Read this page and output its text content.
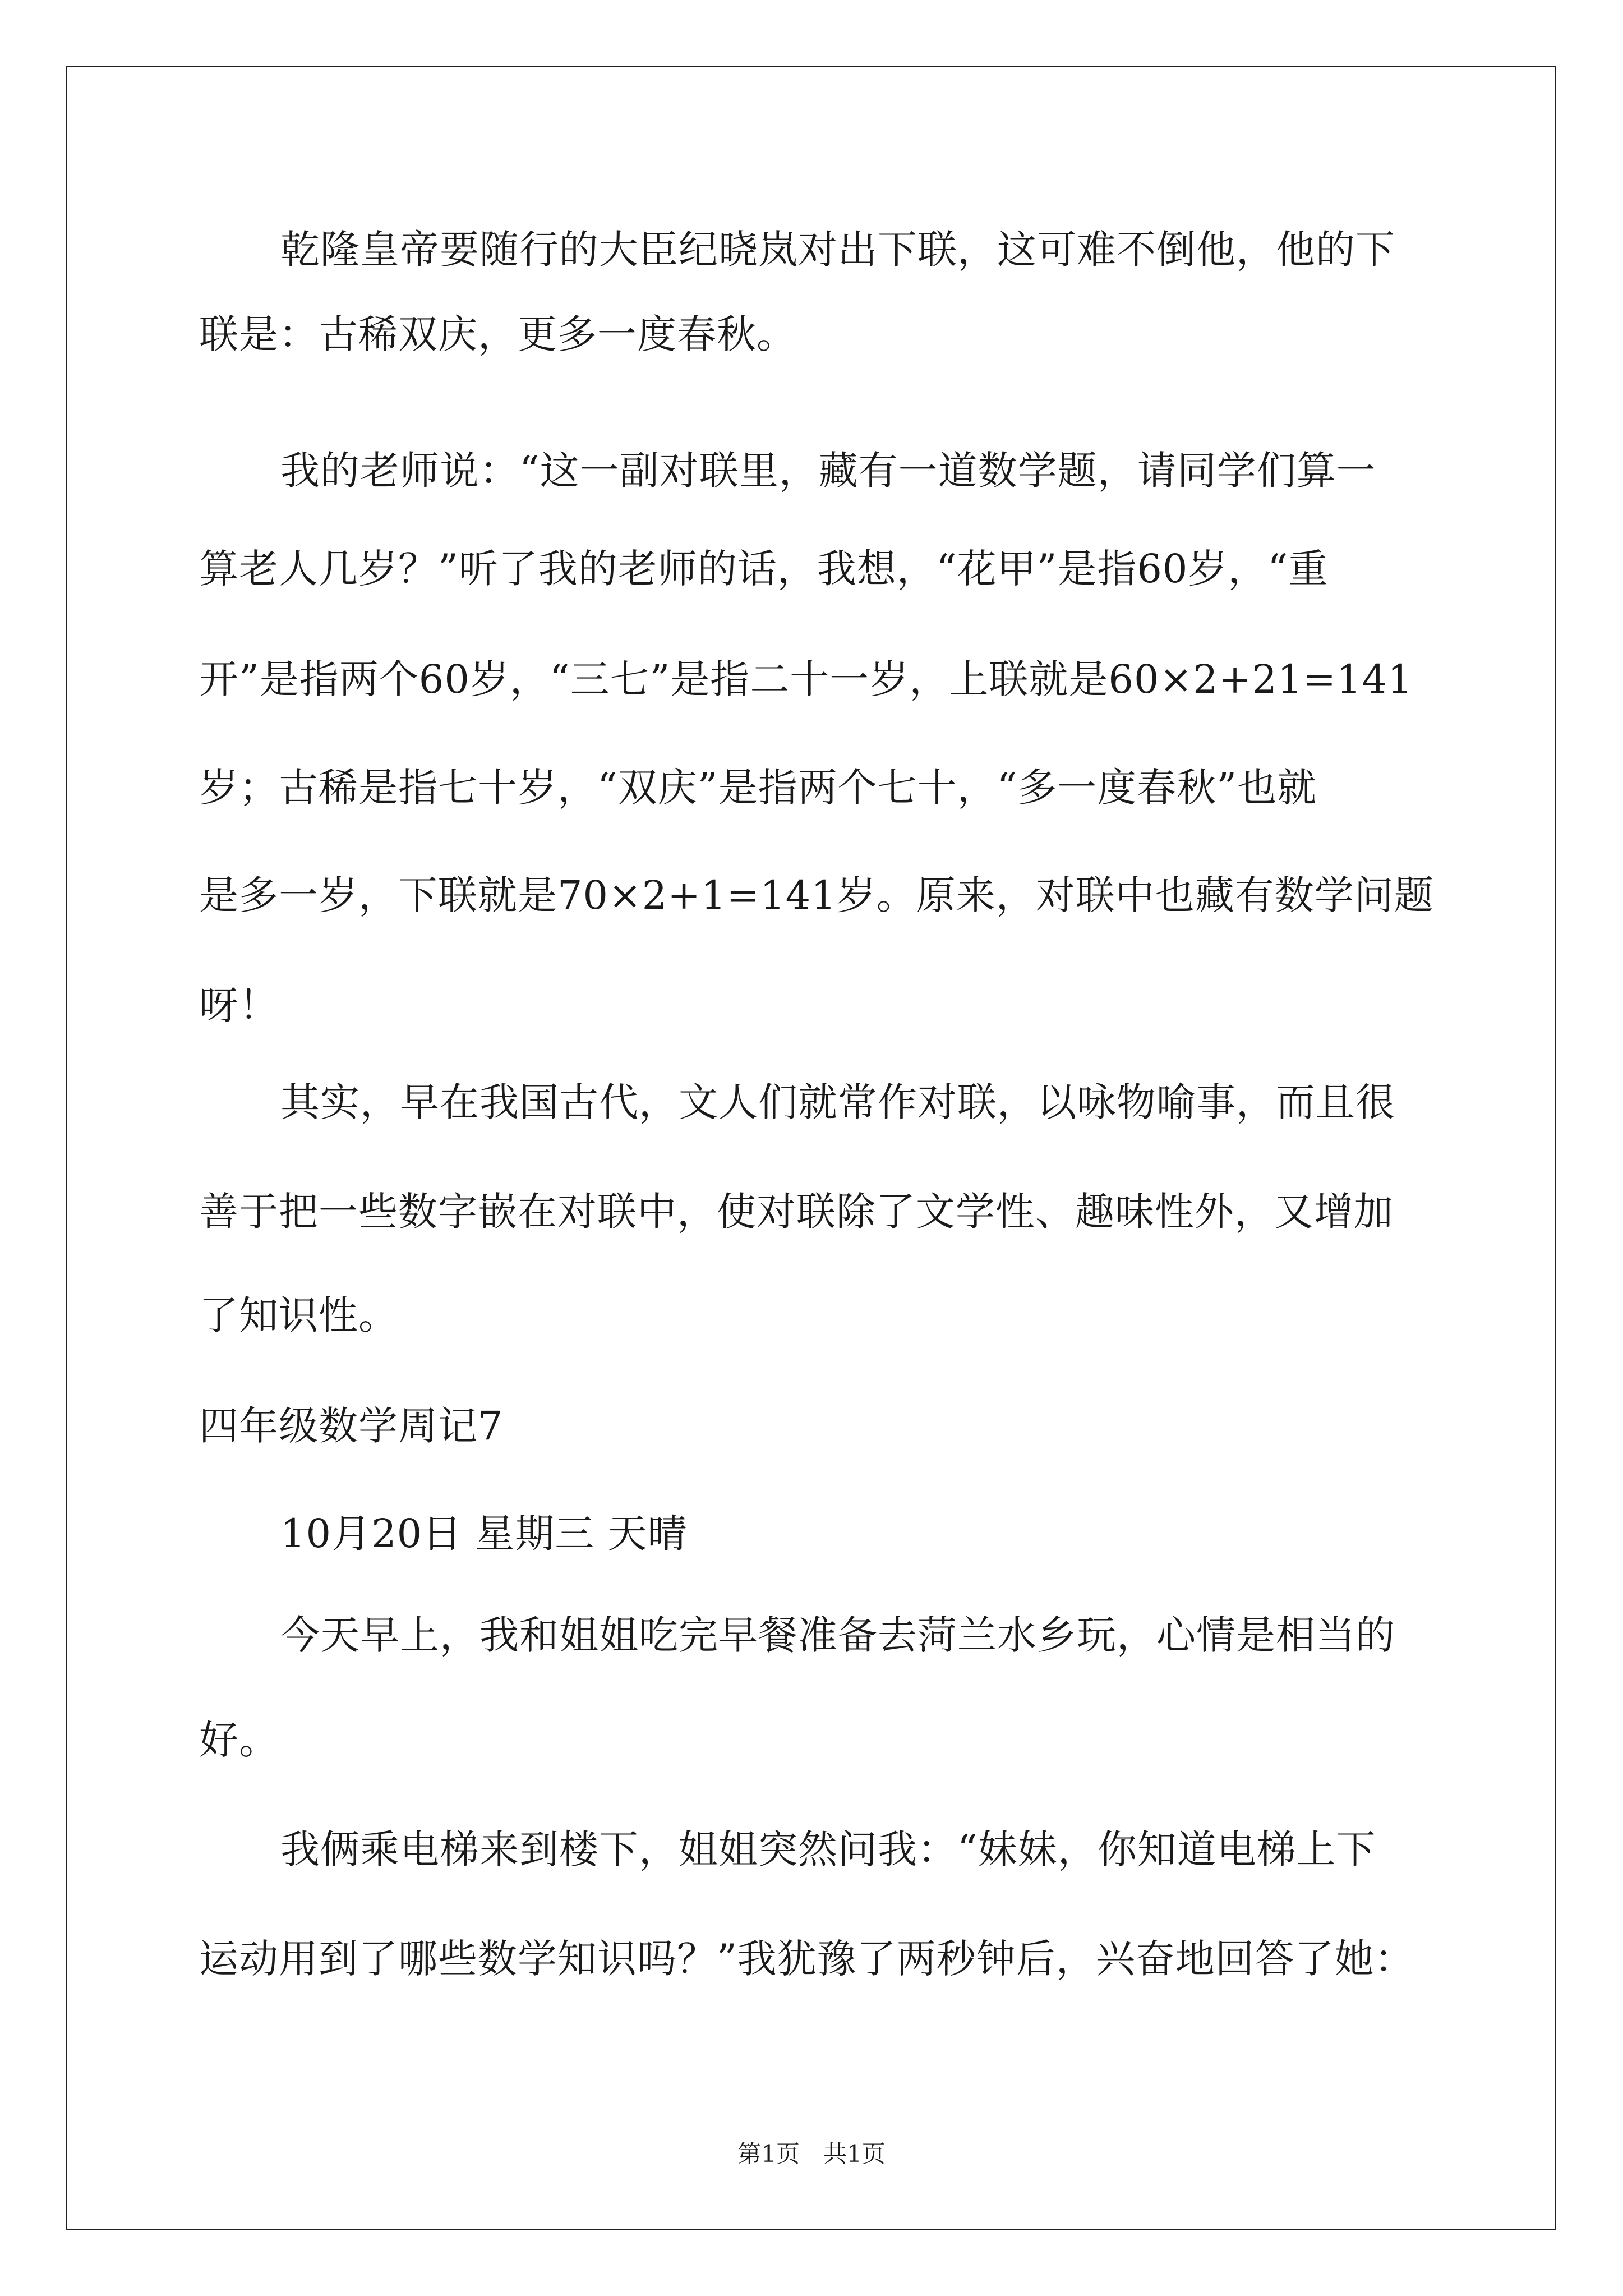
乾隆皇帝要随行的大臣纪晓岚对出下联，这可难不倒他，他的下
联是：古稀双庆，更多一度春秋。
我的老师说：“这一副对联里，藏有一道数学题，请同学们算一
算老人几岁？”听了我的老师的话，我想，“花甲”是指60岁，“重
开”是指两个60岁，“三七”是指二十一岁，上联就是60×2+21=141
岁；古稀是指七十岁，“双庆”是指两个七十，“多一度春秋”也就
是多一岁，下联就是70×2+1=141岁。原来，对联中也藏有数学问题
呀！
其实，早在我国古代，文人们就常作对联，以咏物喻事，而且很
善于把一些数字嵌在对联中，使对联除了文学性、趣味性外，又增加
了知识性。
四年级数学周记7
10月20日 星期三 天晴
今天早上，我和姐姐吃完早餐准备去菏兰水乡玩，心情是相当的
好。
我俩乘电梯来到楼下，姐姐突然问我：“妹妹，你知道电梯上下
运动用到了哪些数学知识吗？”我犹豫了两秒钟后，兴奋地回答了她：
第1页　共1页
